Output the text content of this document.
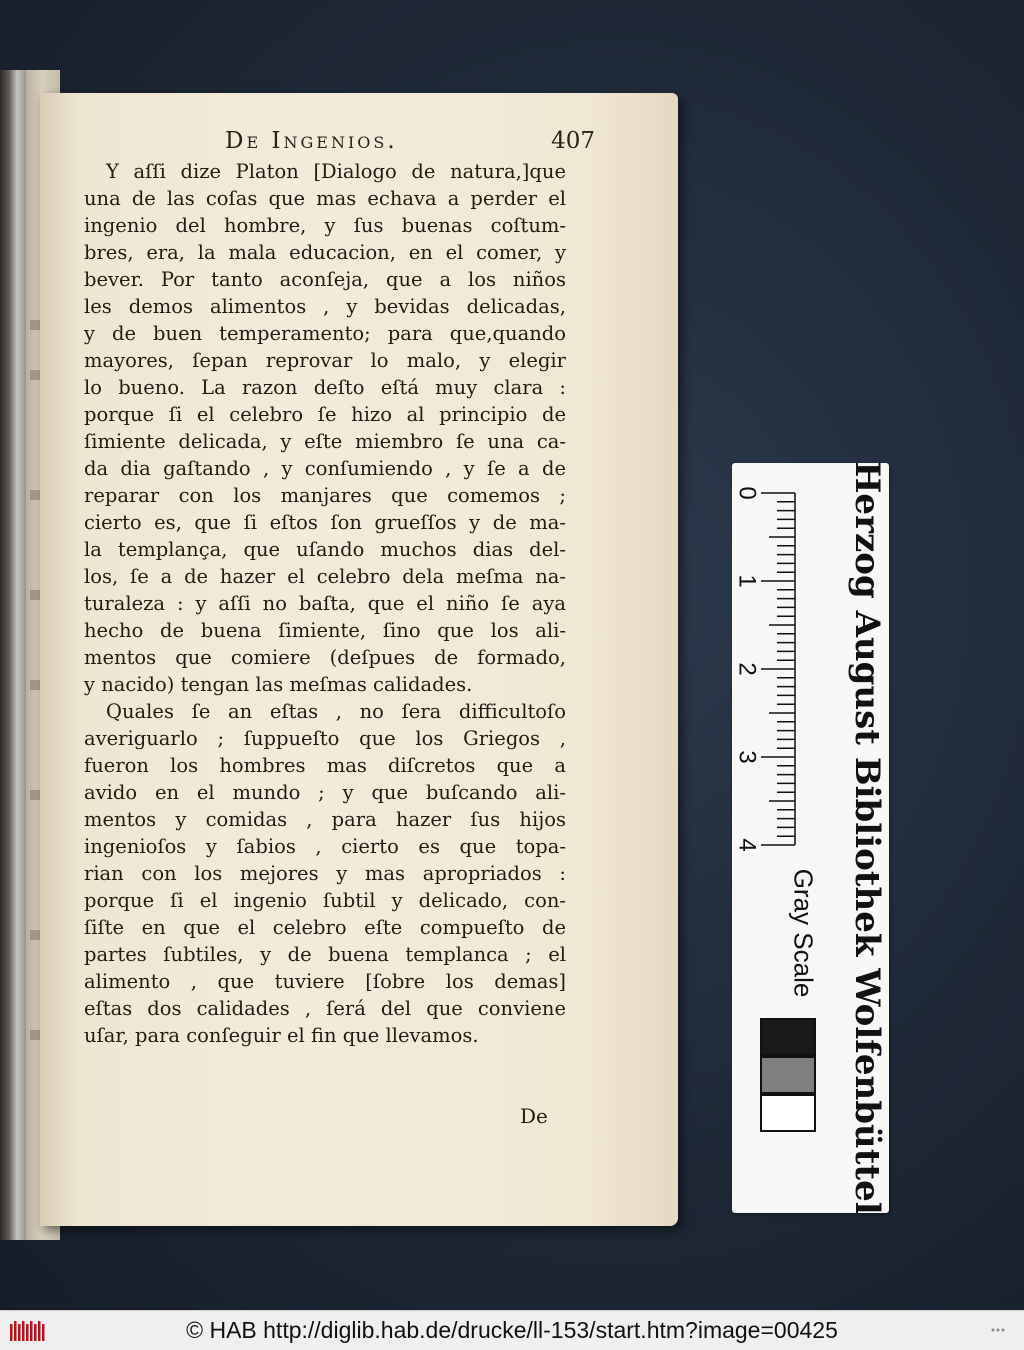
De Ingenios.	407
Y aſſi dize Platon [Dialogo de natura,]que
una de las coſas que mas echava a perder el
ingenio del hombre, y ſus buenas coſtum-
bres, era, la mala educacion, en el comer, y
bever. Por tanto aconſeja, que a los niños
les demos alimentos , y bevidas delicadas,
y de buen temperamento; para que,quando
mayores, ſepan reprovar lo malo, y elegir
lo bueno. La razon deſto eſtá muy clara :
porque ſi el celebro ſe hizo al principio de
ſimiente delicada, y eſte miembro ſe una ca-
da dia gaſtando , y conſumiendo , y ſe a de
reparar con los manjares que comemos ;
cierto es, que ſi eſtos ſon grueſſos y de ma-
la templança, que uſando muchos dias del-
los, ſe a de hazer el celebro dela meſma na-
turaleza : y aſſi no baſta, que el niño ſe aya
hecho de buena ſimiente, ſino que los ali-
mentos que comiere (deſpues de formado,
y nacido) tengan las meſmas calidades.
Quales ſe an eſtas , no ſera difficultoſo
averiguarlo ; ſuppueſto que los Griegos ,
fueron los hombres mas diſcretos que a
avido en el mundo ; y que buſcando ali-
mentos y comidas , para hazer ſus hijos
ingenioſos y ſabios , cierto es que topa-
rian con los mejores y mas apropriados :
porque ſi el ingenio ſubtil y delicado, con-
ſiſte en que el celebro eſte compueſto de
partes ſubtiles, y de buena templanca ; el
alimento , que tuviere [ſobre los demas]
eſtas dos calidades , ſerá del que conviene
uſar, para conſeguir el fin que llevamos.
De
0
1
2
3
4	Herzog August Bibliothek Wolfenbüttel
Gray Scale
© HAB http://diglib.hab.de/drucke/ll-153/start.htm?image=00425
